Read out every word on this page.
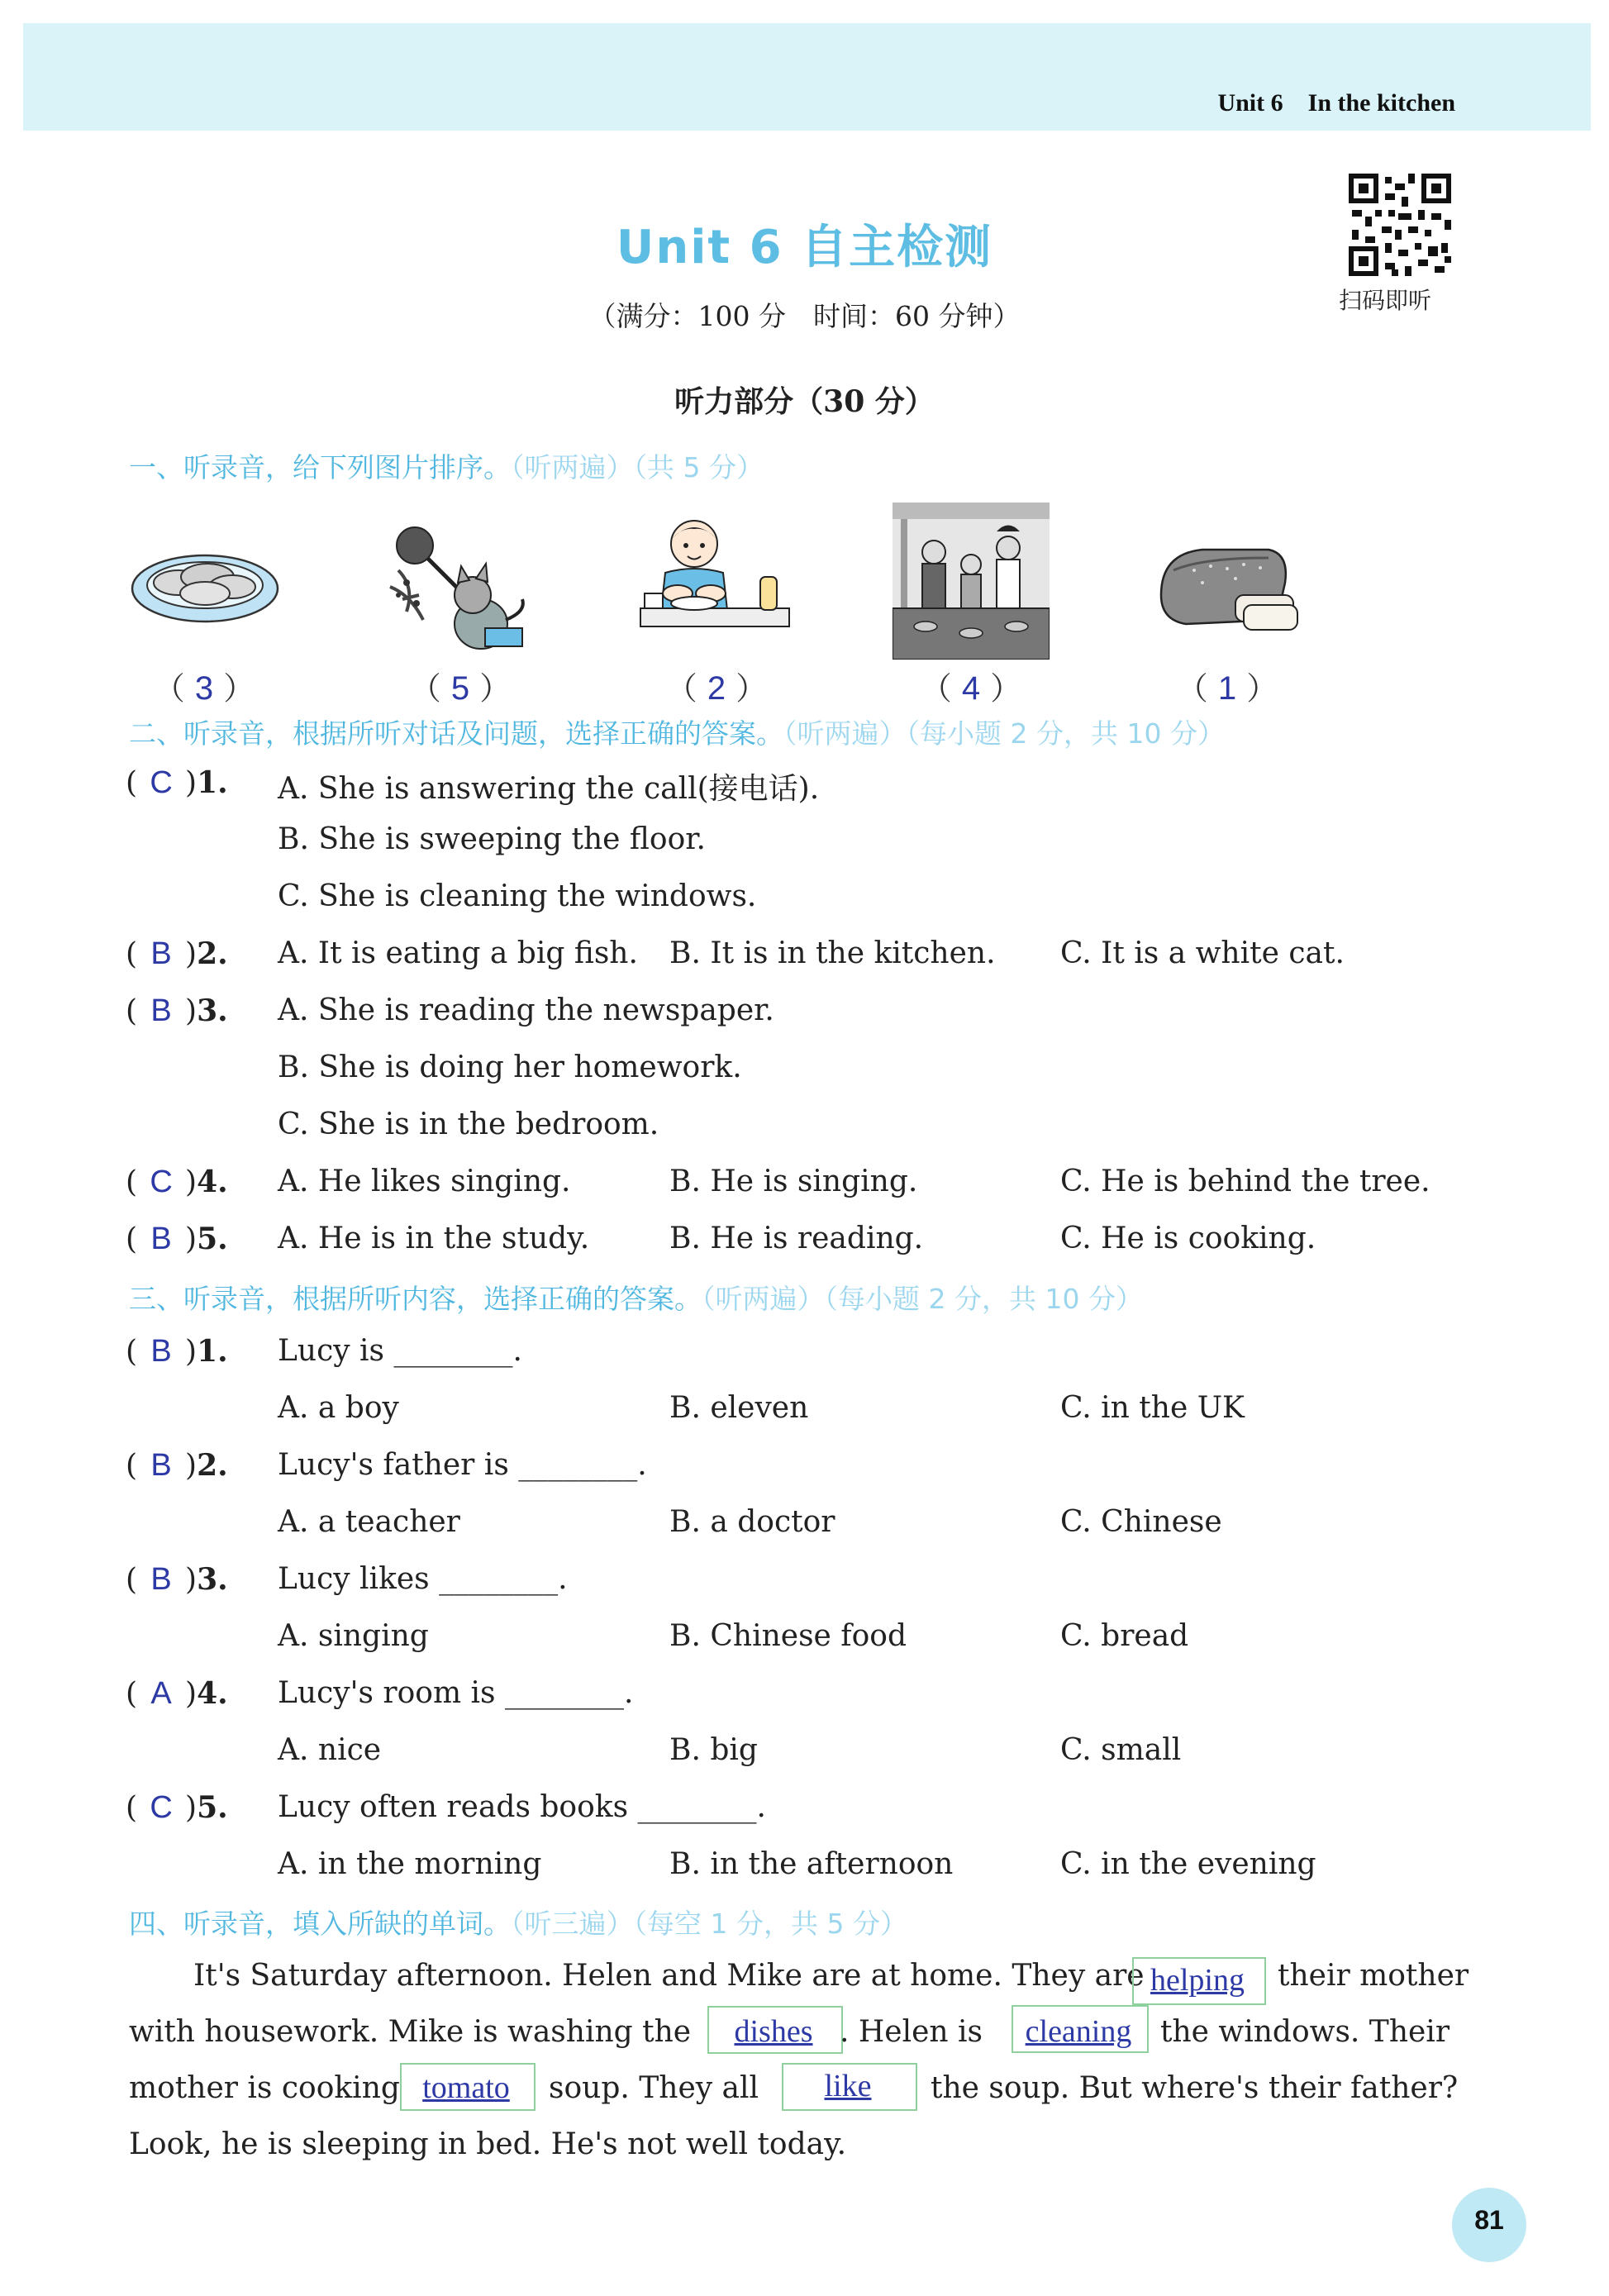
Unit 6 In the kitchen
Unit 6 自主检测
（满分：100 分　时间：60 分钟）	扫码即听
听力部分（30 分）
一、听录音，给下列图片排序。（听两遍）（共 5 分）
（ 3 ）	（ 5 ）	（ 2 ）	（ 4 ）	（ 1 ）
二、听录音，根据所听对话及问题，选择正确的答案。（听两遍）（每小题 2 分，共 10 分）
( C )1. A. She is answering the call(接电话).
B. She is sweeping the floor.
C. She is cleaning the windows.
( B )2. A. It is eating a big fish. B. It is in the kitchen. C. It is a white cat.
( B )3. A. She is reading the newspaper.
B. She is doing her homework.
C. She is in the bedroom.
( C )4. A. He likes singing.	B. He is singing.	C. He is behind the tree.
( B )5. A. He is in the study.	B. He is reading.	C. He is cooking.
三、听录音，根据所听内容，选择正确的答案。（听两遍）（每小题 2 分，共 10 分）
( B )1. Lucy is ________.
A. a boy	B. eleven	C. in the UK
( B )2. Lucy's father is ________.
A. a teacher	B. a doctor	C. Chinese
( B )3. Lucy likes ________.
A. singing	B. Chinese food	C. bread
( A )4. Lucy's room is ________.
A. nice	B. big	C. small
( C )5. Lucy often reads books ________.
A. in the morning	B. in the afternoon	C. in the evening
四、听录音，填入所缺的单词。（听三遍）（每空 1 分，共 5 分）
It's Saturday afternoon. Helen and Mike are at home. They are helping	their mother
with housework. Mike is washing the	dishes . Helen is	cleaning the windows. Their
mother is cooking tomato	soup. They all	like	the soup. But where's their father?
Look, he is sleeping in bed. He's not well today.
81
